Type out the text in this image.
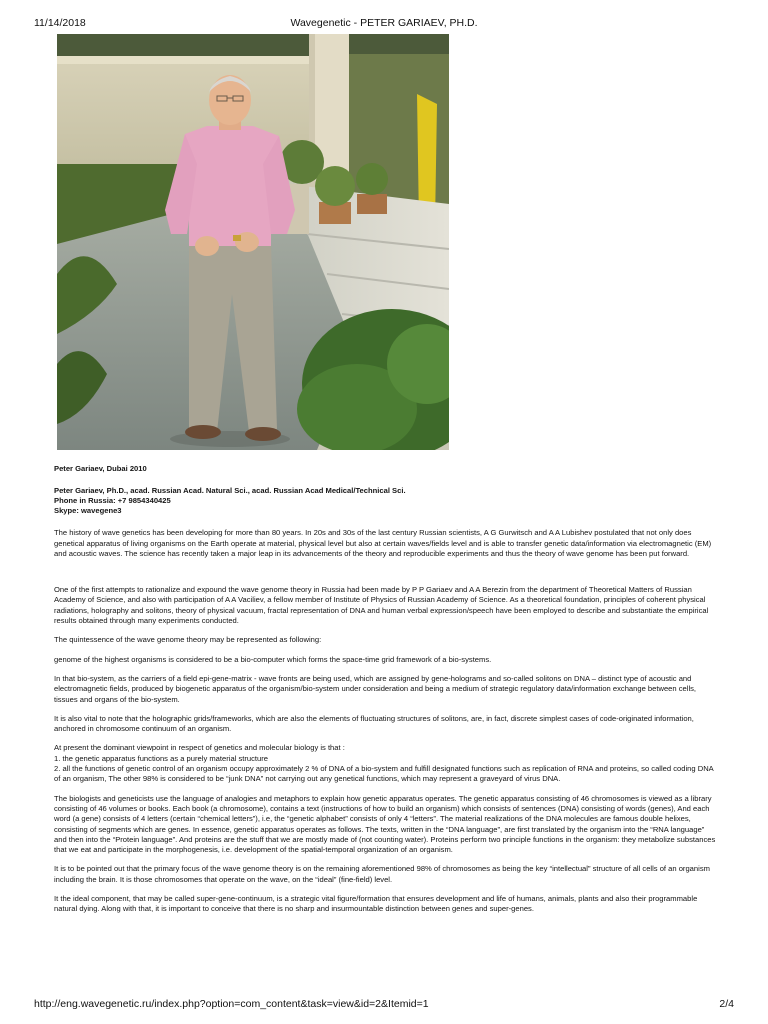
11/14/2018	Wavegenetic - PETER GARIAEV, PH.D.

Peter Gariaev, Dubai 2010

Peter Gariaev, Ph.D., acad. Russian Acad. Natural Sci., acad. Russian Acad Medical/Technical Sci.
Phone in Russia: +7 9854340425
Skype: wavegene3

The history of wave genetics has been developing for more than 80 years. In 20s and 30s of the last century Russian scientists, A G Gurwitsch and A A Lubishev postulated that not only does genetical apparatus of living organisms on the Earth operate at material, physical level but also at certain waves/fields level and is able to transfer genetic data/information via electromagnetic (EM) and acoustic waves. The science has recently taken a major leap in its advancements of the theory and reproducible experiments and thus the theory of wave genome has been put forward.

One of the first attempts to rationalize and expound the wave genome theory in Russia had been made by P P Gariaev and A A Berezin from the department of Theoretical Matters of Russian Academy of Science, and also with participation of A A Vaciliev, a fellow member of Institute of Physics of Russian Academy of Science. As a theoretical foundation, principles of coherent physical radiations, holography and solitons, theory of physical vacuum, fractal representation of DNA and human verbal expression/speech have been employed to describe and substantiate the empirical results obtained through many experiments conducted.

The quintessence of the wave genome theory may be represented as following:

genome of the highest organisms is considered to be a bio-computer which forms the space-time grid framework of a bio-systems.

In that bio-system, as the carriers of a field epi-gene-matrix - wave fronts are being used, which are assigned by gene-holograms and so-called solitons on DNA – distinct type of acoustic and electromagnetic fields, produced by biogenetic apparatus of the organism/bio-system under consideration and being a medium of strategic regulatory data/information exchange between cells, tissues and organs of the bio-system.

It is also vital to note that the holographic grids/frameworks, which are also the elements of fluctuating structures of solitons, are, in fact, discrete simplest cases of code-originated information, anchored in chromosome continuum of an organism.

At present the dominant viewpoint in respect of genetics and molecular biology is that :
1. the genetic apparatus functions as a purely material structure
2. all the functions of genetic control of an organism occupy approximately 2 % of DNA of a bio-system and fulfill designated functions such as replication of RNA and proteins, so called coding DNA of an organism, The other 98% is considered to be “junk DNA” not carrying out any genetical functions, which may represent a graveyard of virus DNA.

The biologists and geneticists use the language of analogies and metaphors to explain how genetic apparatus operates. The genetic apparatus consisting of 46 chromosomes is viewed as a library consisting of 46 volumes or books. Each book (a chromosome), contains a text (instructions of how to build an organism) which consists of sentences (DNA) consisting of words (genes), And each word (a gene) consists of 4 letters (certain “chemical letters”), i.e, the “genetic alphabet” consists of only 4 “letters”. The material realizations of the DNA molecules are famous double helixes, consisting of segments which are genes. In essence, genetic apparatus operates as follows. The texts, written in the “DNA language”, are first translated by the organism into the “RNA language” and then into the “Protein language”. And proteins are the stuff that we are mostly made of (not counting water). Proteins perform two principle functions in the organism: they metabolize substances that we eat and participate in the morphogenesis, i.e. development of the spatial-temporal organization of an organism.

It is to be pointed out that the primary focus of the wave genome theory is on the remaining aforementioned 98% of chromosomes as being the key “intellectual” structure of all cells of an organism including the brain. It is those chromosomes that operate on the wave, on the “ideal” (fine-field) level.

It the ideal component, that may be called super-gene-continuum, is a strategic vital figure/formation that ensures development and life of humans, animals, plants and also their programmable natural dying. Along with that, it is important to conceive that there is no sharp and insurmountable distinction between genes and super-genes.

http://eng.wavegenetic.ru/index.php?option=com_content&task=view&id=2&Itemid=1	2/4
